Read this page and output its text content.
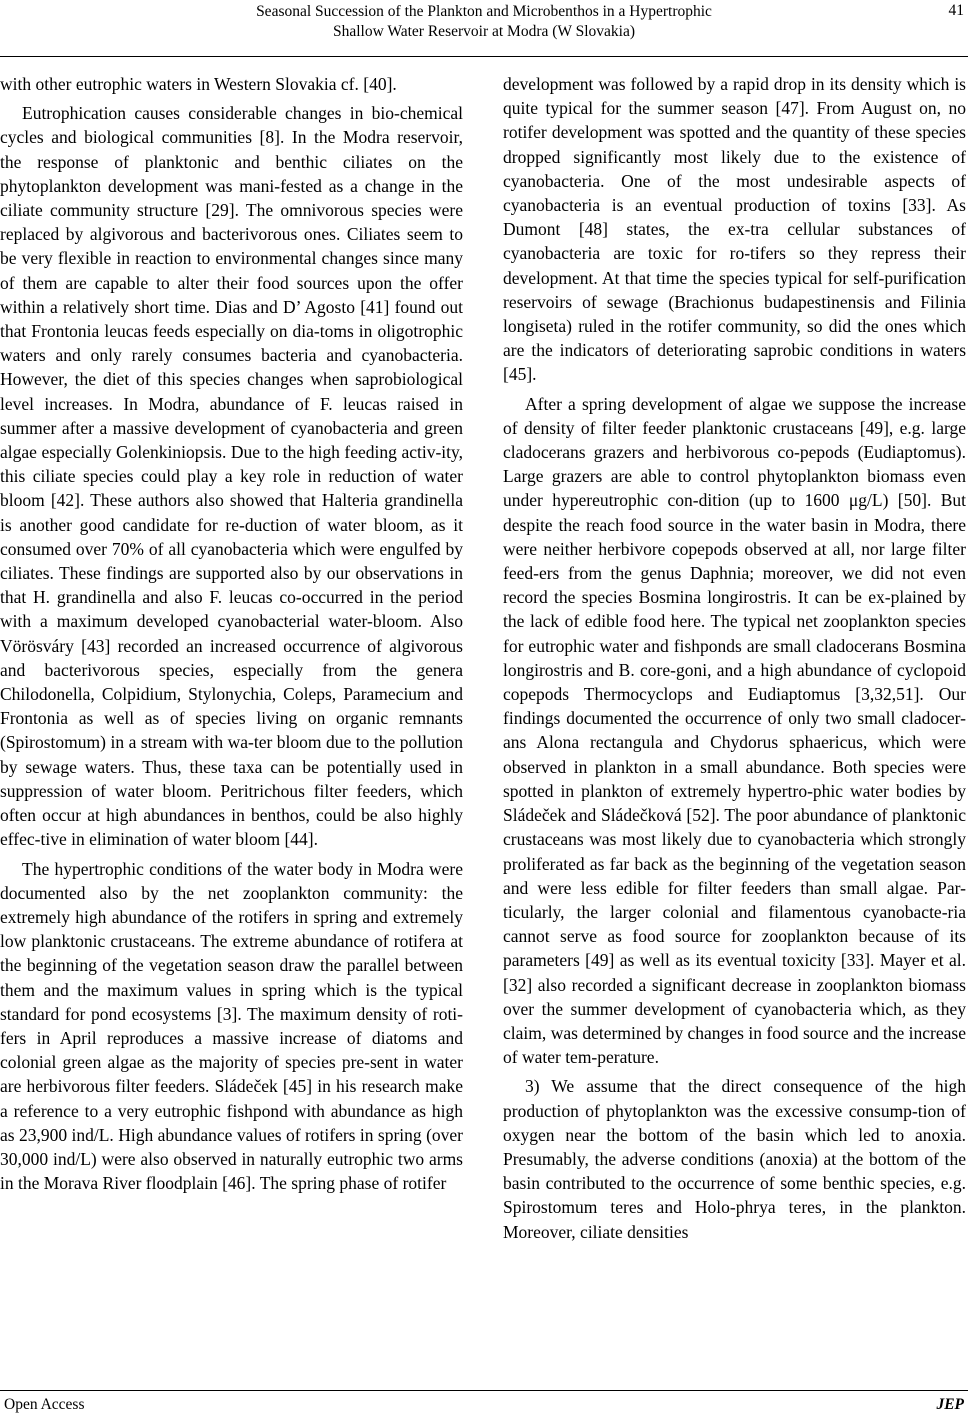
Seasonal Succession of the Plankton and Microbenthos in a Hypertrophic
Shallow Water Reservoir at Modra (W Slovakia)
41

with other eutrophic waters in Western Slovakia cf. [40].

Eutrophication causes considerable changes in bio-chemical cycles and biological communities [8]. In the Modra reservoir, the response of planktonic and benthic ciliates on the phytoplankton development was mani-fested as a change in the ciliate community structure [29]. The omnivorous species were replaced by algivorous and bacterivorous ones. Ciliates seem to be very flexible in reaction to environmental changes since many of them are capable to alter their food sources upon the offer within a relatively short time. Dias and D’ Agosto [41] found out that Frontonia leucas feeds especially on dia-toms in oligotrophic waters and only rarely consumes bacteria and cyanobacteria. However, the diet of this species changes when saprobiological level increases. In Modra, abundance of F. leucas raised in summer after a massive development of cyanobacteria and green algae especially Golenkiniopsis. Due to the high feeding activ-ity, this ciliate species could play a key role in reduction of water bloom [42]. These authors also showed that Halteria grandinella is another good candidate for re-duction of water bloom, as it consumed over 70% of all cyanobacteria which were engulfed by ciliates. These findings are supported also by our observations in that H. grandinella and also F. leucas co-occurred in the period with a maximum developed cyanobacterial water-bloom. Also Vörösváry [43] recorded an increased occurrence of algivorous and bacterivorous species, especially from the genera Chilodonella, Colpidium, Stylonychia, Coleps, Paramecium and Frontonia as well as of species living on organic remnants (Spirostomum) in a stream with wa-ter bloom due to the pollution by sewage waters. Thus, these taxa can be potentially used in suppression of water bloom. Peritrichous filter feeders, which often occur at high abundances in benthos, could be also highly effec-tive in elimination of water bloom [44].

The hypertrophic conditions of the water body in Modra were documented also by the net zooplankton community: the extremely high abundance of the rotifers in spring and extremely low planktonic crustaceans. The extreme abundance of rotifera at the beginning of the vegetation season draw the parallel between them and the maximum values in spring which is the typical standard for pond ecosystems [3]. The maximum density of roti-fers in April reproduces a massive increase of diatoms and colonial green algae as the majority of species pre-sent in water are herbivorous filter feeders. Sládeček [45] in his research make a reference to a very eutrophic fishpond with abundance as high as 23,900 ind/L. High abundance values of rotifers in spring (over 30,000 ind/L) were also observed in naturally eutrophic two arms in the Morava River floodplain [46]. The spring phase of rotifer

development was followed by a rapid drop in its density which is quite typical for the summer season [47]. From August on, no rotifer development was spotted and the quantity of these species dropped significantly most likely due to the existence of cyanobacteria. One of the most undesirable aspects of cyanobacteria is an eventual production of toxins [33]. As Dumont [48] states, the ex-tra cellular substances of cyanobacteria are toxic for ro-tifers so they repress their development. At that time the species typical for self-purification reservoirs of sewage (Brachionus budapestinensis and Filinia longiseta) ruled in the rotifer community, so did the ones which are the indicators of deteriorating saprobic conditions in waters [45].

After a spring development of algae we suppose the increase of density of filter feeder planktonic crustaceans [49], e.g. large cladocerans grazers and herbivorous co-pepods (Eudiaptomus). Large grazers are able to control phytoplankton biomass even under hypereutrophic con-dition (up to 1600 μg/L) [50]. But despite the reach food source in the water basin in Modra, there were neither herbivore copepods observed at all, nor large filter feed-ers from the genus Daphnia; moreover, we did not even record the species Bosmina longirostris. It can be ex-plained by the lack of edible food here. The typical net zooplankton species for eutrophic water and fishponds are small cladocerans Bosmina longirostris and B. core-goni, and a high abundance of cyclopoid copepods Thermocyclops and Eudiaptomus [3,32,51]. Our findings documented the occurrence of only two small cladocer-ans Alona rectangula and Chydorus sphaericus, which were observed in plankton in a small abundance. Both species were spotted in plankton of extremely hypertro-phic water bodies by Sládeček and Sládečková [52]. The poor abundance of planktonic crustaceans was most likely due to cyanobacteria which strongly proliferated as far back as the beginning of the vegetation season and were less edible for filter feeders than small algae. Par-ticularly, the larger colonial and filamentous cyanobacte-ria cannot serve as food source for zooplankton because of its parameters [49] as well as its eventual toxicity [33]. Mayer et al. [32] also recorded a significant decrease in zooplankton biomass over the summer development of cyanobacteria which, as they claim, was determined by changes in food source and the increase of water tem-perature.

3) We assume that the direct consequence of the high production of phytoplankton was the excessive consump-tion of oxygen near the bottom of the basin which led to anoxia. Presumably, the adverse conditions (anoxia) at the bottom of the basin contributed to the occurrence of some benthic species, e.g. Spirostomum teres and Holo-phrya teres, in the plankton. Moreover, ciliate densities

Open Access	JEP
